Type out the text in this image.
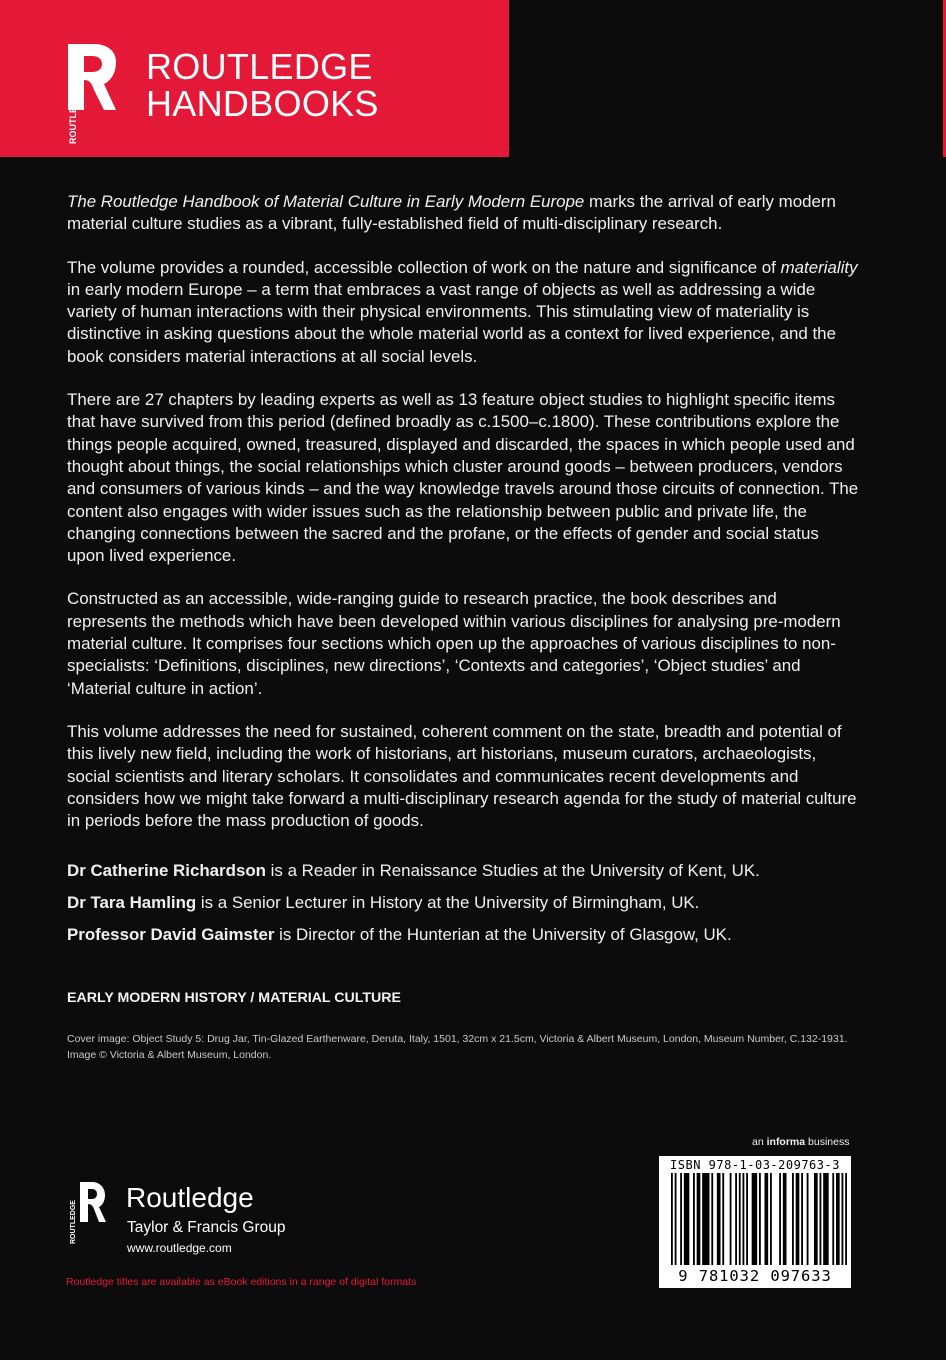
ROUTLEDGE
ROUTLEDGE
HANDBOOKS

The Routledge Handbook of Material Culture in Early Modern Europe marks the arrival of early modern material culture studies as a vibrant, fully-established field of multi-disciplinary research.

The volume provides a rounded, accessible collection of work on the nature and significance of materiality in early modern Europe – a term that embraces a vast range of objects as well as addressing a wide variety of human interactions with their physical environments. This stimulating view of materiality is distinctive in asking questions about the whole material world as a context for lived experience, and the book considers material interactions at all social levels.

There are 27 chapters by leading experts as well as 13 feature object studies to highlight specific items that have survived from this period (defined broadly as c.1500–c.1800). These contributions explore the things people acquired, owned, treasured, displayed and discarded, the spaces in which people used and thought about things, the social relationships which cluster around goods – between producers, vendors and consumers of various kinds – and the way knowledge travels around those circuits of connection. The content also engages with wider issues such as the relationship between public and private life, the changing connections between the sacred and the profane, or the effects of gender and social status upon lived experience.

Constructed as an accessible, wide-ranging guide to research practice, the book describes and represents the methods which have been developed within various disciplines for analysing pre-modern material culture. It comprises four sections which open up the approaches of various disciplines to non-specialists: ‘Definitions, disciplines, new directions’, ‘Contexts and categories’, ‘Object studies’ and ‘Material culture in action’.

This volume addresses the need for sustained, coherent comment on the state, breadth and potential of this lively new field, including the work of historians, art historians, museum curators, archaeologists, social scientists and literary scholars. It consolidates and communicates recent developments and considers how we might take forward a multi-disciplinary research agenda for the study of material culture in periods before the mass production of goods.

Dr Catherine Richardson is a Reader in Renaissance Studies at the University of Kent, UK.
Dr Tara Hamling is a Senior Lecturer in History at the University of Birmingham, UK.
Professor David Gaimster is Director of the Hunterian at the University of Glasgow, UK.
EARLY MODERN HISTORY / MATERIAL CULTURE
Cover image: Object Study 5: Drug Jar, Tin-Glazed Earthenware, Deruta, Italy, 1501, 32cm x 21.5cm, Victoria & Albert Museum, London, Museum Number, C.132-1931. Image © Victoria & Albert Museum, London.
an informa business
ISBN 978-1-03-209763-3
9 781032 097633
ROUTLEDGE
Routledge
Taylor & Francis Group
www.routledge.com
Routledge titles are available as eBook editions in a range of digital formats
